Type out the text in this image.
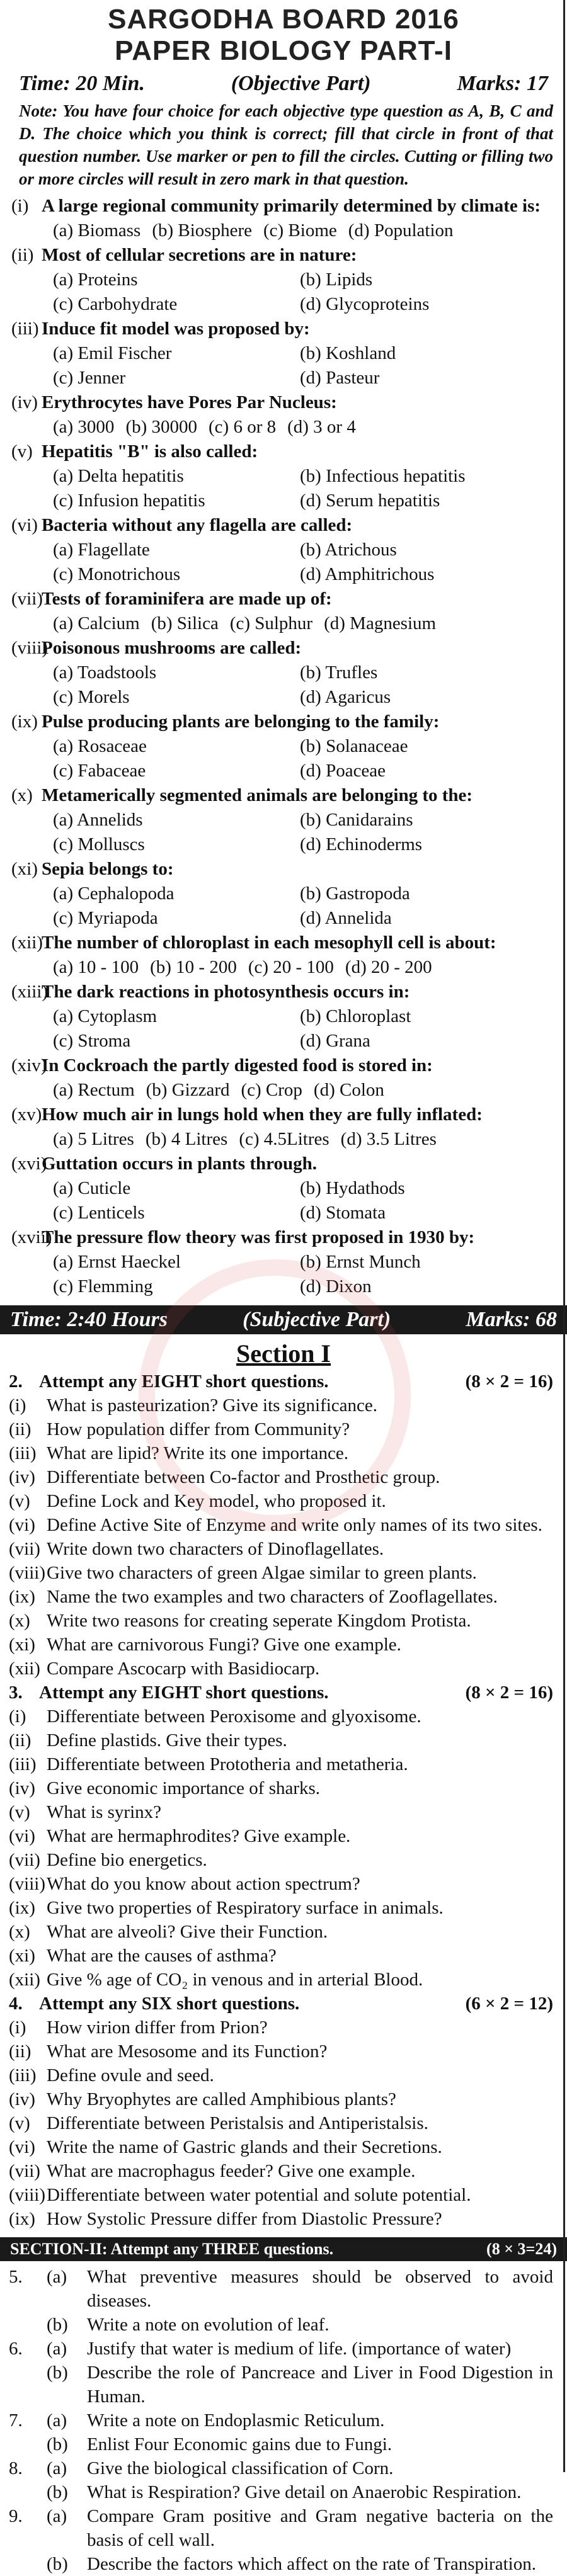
SARGODHA BOARD 2016
PAPER BIOLOGY PART-I
Time: 20 Min.	(Objective Part)	Marks: 17
Note: You have four choice for each objective type question as A, B, C and D. The choice which you think is correct; fill that circle in front of that question number. Use marker or pen to fill the circles. Cutting or filling two or more circles will result in zero mark in that question.
(i) A large regional community primarily determined by climate is:
(a) Biomass (b) Biosphere (c) Biome (d) Population
(ii) Most of cellular secretions are in nature:
(a) Proteins	(b) Lipids
(c) Carbohydrate	(d) Glycoproteins
(iii) Induce fit model was proposed by:
(a) Emil Fischer	(b) Koshland
(c) Jenner	(d) Pasteur
(iv) Erythrocytes have Pores Par Nucleus:
(a) 3000 (b) 30000 (c) 6 or 8 (d) 3 or 4
(v) Hepatitis "B" is also called:
(a) Delta hepatitis	(b) Infectious hepatitis
(c) Infusion hepatitis	(d) Serum hepatitis
(vi) Bacteria without any flagella are called:
(a) Flagellate	(b) Atrichous
(c) Monotrichous	(d) Amphitrichous
(vii)
Tests of foraminifera are made up of:
(a) Calcium (b) Silica (c) Sulphur (d) Magnesium
(viii)
Poisonous mushrooms are called:
(a) Toadstools	(b) Trufles
(c) Morels	(d) Agaricus
(ix) Pulse producing plants are belonging to the family:
(a) Rosaceae	(b) Solanaceae
(c) Fabaceae	(d) Poaceae
(x) Metamerically segmented animals are belonging to the:
(a) Annelids	(b) Canidarains
(c) Molluscs	(d) Echinoderms
(xi) Sepia belongs to:
(a) Cephalopoda	(b) Gastropoda
(c) Myriapoda	(d) Annelida
(xii)
The number of chloroplast in each mesophyll cell is about:
(a) 10 - 100 (b) 10 - 200 (c) 20 - 100 (d) 20 - 200
(xiii)
The dark reactions in photosynthesis occurs in:
(a) Cytoplasm	(b) Chloroplast
(c) Stroma	(d) Grana
(xiv)
In Cockroach the partly digested food is stored in:
(a) Rectum (b) Gizzard (c) Crop (d) Colon
(xv) How much air in lungs hold when they are fully inflated:
(a) 5 Litres (b) 4 Litres (c) 4.5Litres (d) 3.5 Litres
(xvi)
Guttation occurs in plants through.
(a) Cuticle	(b) Hydathods
(c) Lenticels	(d) Stomata
(xvii)
The pressure flow theory was first proposed in 1930 by:
(a) Ernst Haeckel	(b) Ernst Munch
(c) Flemming	(d) Dixon
Time: 2:40 Hours	(Subjective Part)	Marks: 68
Section I
2. Attempt any EIGHT short questions.	(8 × 2 = 16)
(i)	What is pasteurization? Give its significance.
(ii) How population differ from Community?
(iii) What are lipid? Write its one importance.
(iv) Differentiate between Co-factor and Prosthetic group.
(v) Define Lock and Key model, who proposed it.
(vi) Define Active Site of Enzyme and write only names of its two sites.
(vii) Write down two characters of Dinoflagellates.
(viii) Give two characters of green Algae similar to green plants.
(ix) Name the two examples and two characters of Zooflagellates.
(x) Write two reasons for creating seperate Kingdom Protista.
(xi) What are carnivorous Fungi? Give one example.
(xii) Compare Ascocarp with Basidiocarp.
3. Attempt any EIGHT short questions.	(8 × 2 = 16)
(i)	Differentiate between Peroxisome and glyoxisome.
(ii) Define plastids. Give their types.
(iii) Differentiate between Prototheria and metatheria.
(iv) Give economic importance of sharks.
(v) What is syrinx?
(vi) What are hermaphrodites? Give example.
(vii) Define bio energetics.
(viii) What do you know about action spectrum?
(ix) Give two properties of Respiratory surface in animals.
(x) What are alveoli? Give their Function.
(xi) What are the causes of asthma?
(xii) Give % age of CO₂ in venous and in arterial Blood.
4. Attempt any SIX short questions.	(6 × 2 = 12)
(i)	How virion differ from Prion?
(ii) What are Mesosome and its Function?
(iii) Define ovule and seed.
(iv) Why Bryophytes are called Amphibious plants?
(v) Differentiate between Peristalsis and Antiperistalsis.
(vi) Write the name of Gastric glands and their Secretions.
(vii) What are macrophagus feeder? Give one example.
(viii) Differentiate between water potential and solute potential.
(ix) How Systolic Pressure differ from Diastolic Pressure?
SECTION-II: Attempt any THREE questions.	(8 × 3=24)
5.	(a)	What preventive measures should be observed to avoid diseases.
(b)	Write a note on evolution of leaf.
6.	(a)	Justify that water is medium of life. (importance of water)
(b)	Describe the role of Pancreace and Liver in Food Digestion in Human.
7.	(a)	Write a note on Endoplasmic Reticulum.
(b)	Enlist Four Economic gains due to Fungi.
8.	(a)	Give the biological classification of Corn.
(b)	What is Respiration? Give detail on Anaerobic Respiration.
9.	(a)	Compare Gram positive and Gram negative bacteria on the basis of cell wall.
(b)	Describe the factors which affect on the rate of Transpiration.
